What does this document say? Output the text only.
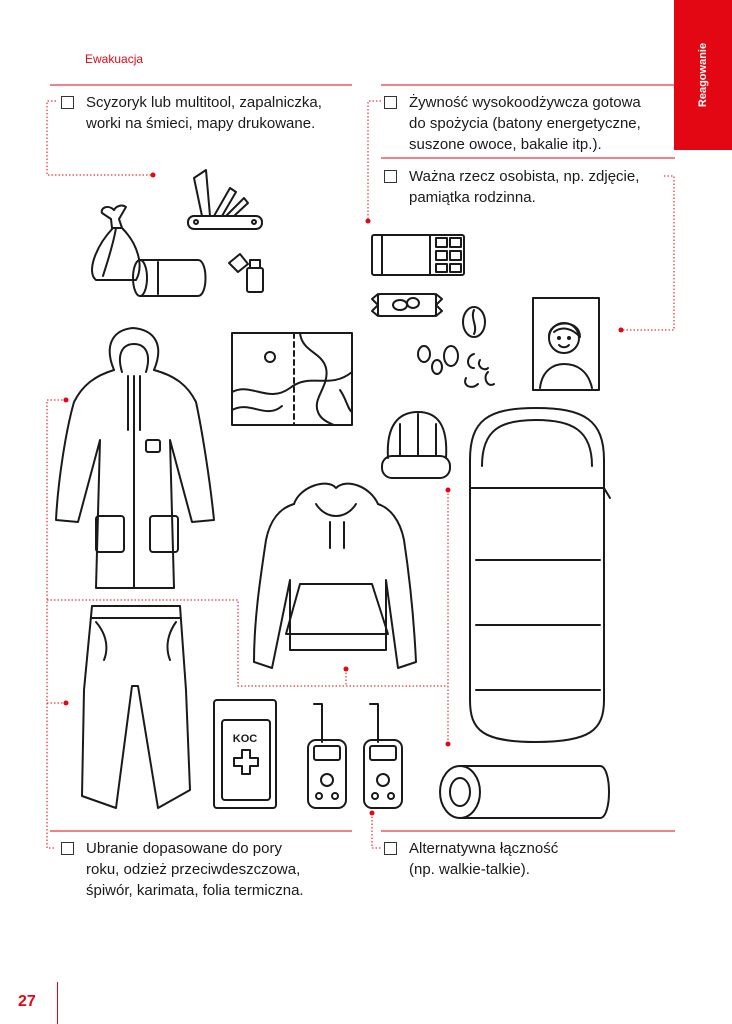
Reagowanie
Ewakuacja
KOC
Scyzoryk lub multitool, zapalniczka,
worki na śmieci, mapy drukowane.
Żywność wysokoodżywcza gotowa
do spożycia (batony energetyczne,
suszone owoce, bakalie itp.).
Ważna rzecz osobista, np. zdjęcie,
pamiątka rodzinna.
Ubranie dopasowane do pory
roku, odzież przeciwdeszczowa,
śpiwór, karimata, folia termiczna.
Alternatywna łączność
(np. walkie-talkie).
27
